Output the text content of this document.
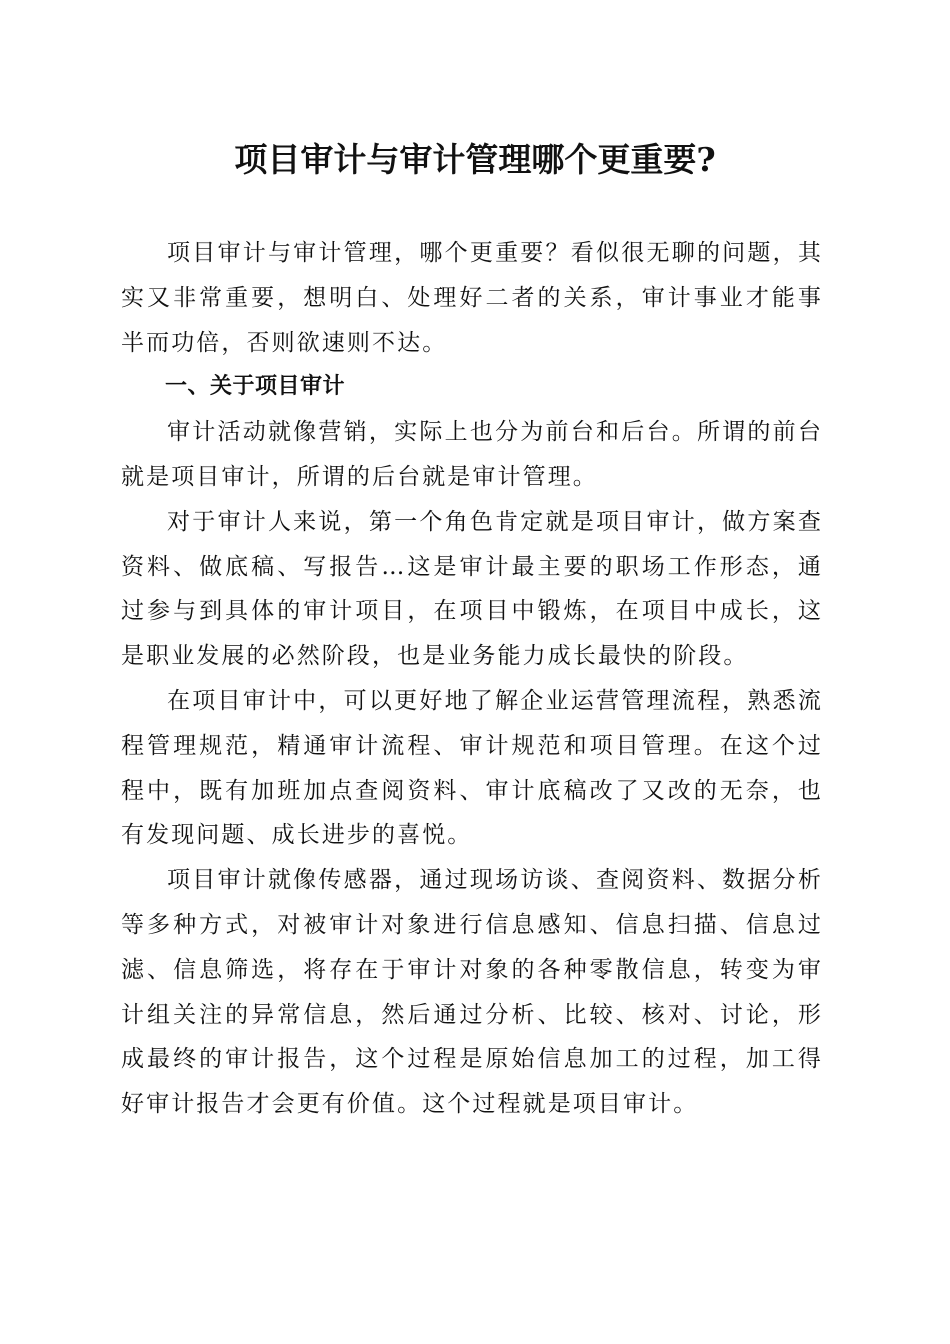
项目审计与审计管理哪个更重要?

项目审计与审计管理，哪个更重要？看似很无聊的问题，其实又非常重要，想明白、处理好二者的关系，审计事业才能事半而功倍，否则欲速则不达。

一、关于项目审计

审计活动就像营销，实际上也分为前台和后台。所谓的前台就是项目审计，所谓的后台就是审计管理。

对于审计人来说，第一个角色肯定就是项目审计，做方案查资料、做底稿、写报告…这是审计最主要的职场工作形态，通过参与到具体的审计项目，在项目中锻炼，在项目中成长，这是职业发展的必然阶段，也是业务能力成长最快的阶段。

在项目审计中，可以更好地了解企业运营管理流程，熟悉流程管理规范，精通审计流程、审计规范和项目管理。在这个过程中，既有加班加点查阅资料、审计底稿改了又改的无奈，也有发现问题、成长进步的喜悦。

项目审计就像传感器，通过现场访谈、查阅资料、数据分析等多种方式，对被审计对象进行信息感知、信息扫描、信息过滤、信息筛选，将存在于审计对象的各种零散信息，转变为审计组关注的异常信息，然后通过分析、比较、核对、讨论，形成最终的审计报告，这个过程是原始信息加工的过程，加工得好审计报告才会更有价值。这个过程就是项目审计。
